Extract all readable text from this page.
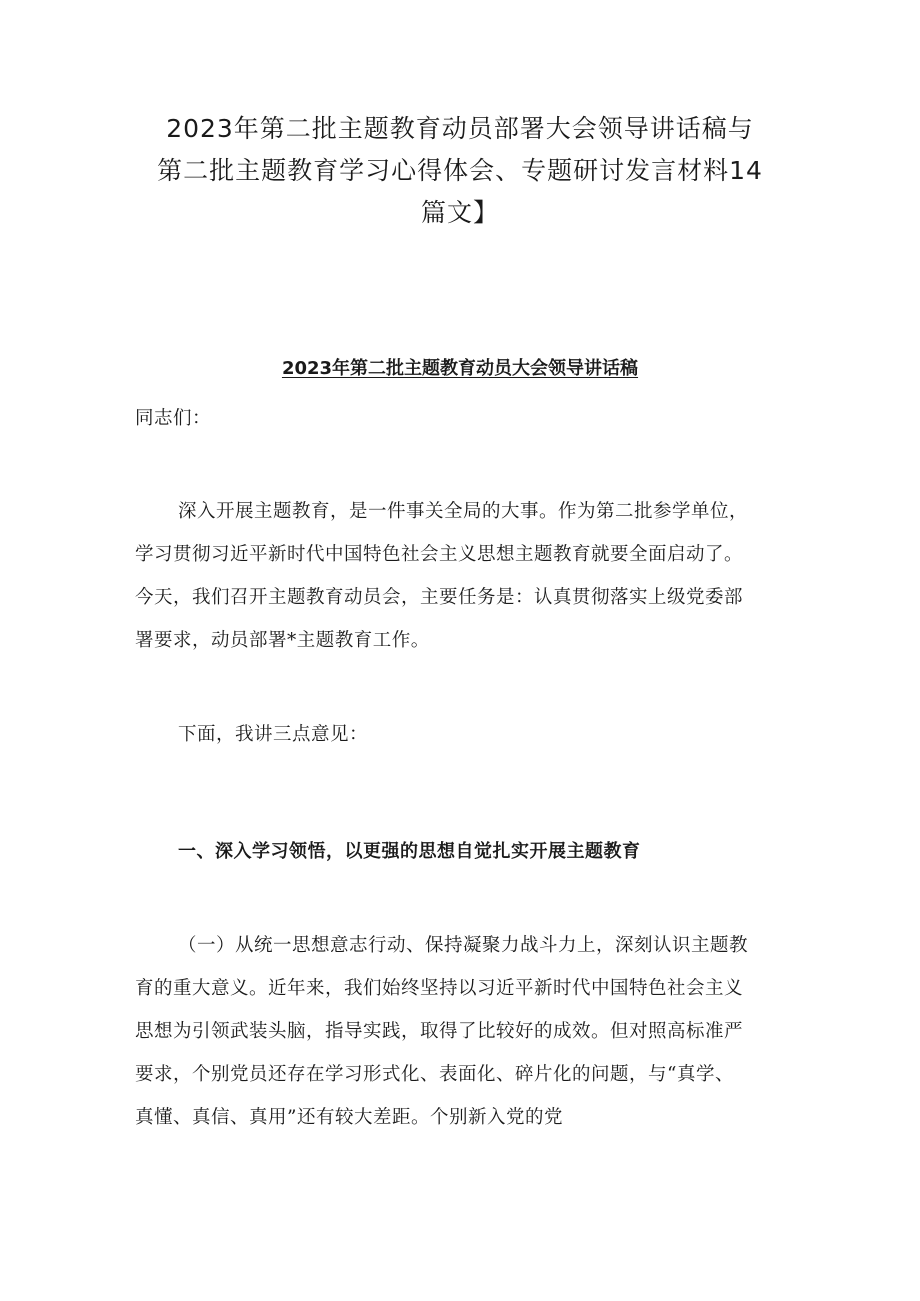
2023年第二批主题教育动员部署大会领导讲话稿与
第二批主题教育学习心得体会、专题研讨发言材料14
篇文】
2023年第二批主题教育动员大会领导讲话稿
同志们：
深入开展主题教育，是一件事关全局的大事。作为第二批参学单位，
学习贯彻习近平新时代中国特色社会主义思想主题教育就要全面启动了。
今天，我们召开主题教育动员会，主要任务是：认真贯彻落实上级党委部
署要求，动员部署*主题教育工作。
下面，我讲三点意见：
一、深入学习领悟，以更强的思想自觉扎实开展主题教育
（一）从统一思想意志行动、保持凝聚力战斗力上，深刻认识主题教
育的重大意义。近年来，我们始终坚持以习近平新时代中国特色社会主义
思想为引领武装头脑，指导实践，取得了比较好的成效。但对照高标准严
要求，个别党员还存在学习形式化、表面化、碎片化的问题，与“真学、
真懂、真信、真用”还有较大差距。个别新入党的党
